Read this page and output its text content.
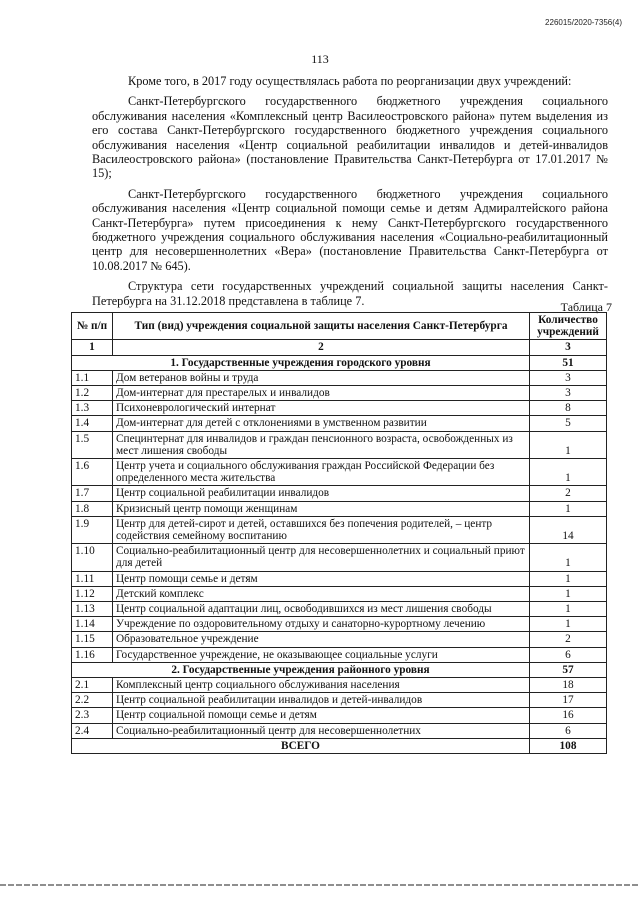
226015/2020-7356(4)
113

Кроме того, в 2017 году осуществлялась работа по реорганизации двух учреждений:

Санкт-Петербургского государственного бюджетного учреждения социального обслуживания населения «Комплексный центр Василеостровского района» путем выделения из его состава Санкт-Петербургского государственного бюджетного учреждения социального обслуживания населения «Центр социальной реабилитации инвалидов и детей-инвалидов Василеостровского района» (постановление Правительства Санкт-Петербурга от 17.01.2017 № 15);

Санкт-Петербургского государственного бюджетного учреждения социального обслуживания населения «Центр социальной помощи семье и детям Адмиралтейского района Санкт-Петербурга» путем присоединения к нему Санкт-Петербургского государственного бюджетного учреждения социального обслуживания населения «Социально-реабилитационный центр для несовершеннолетних «Вера» (постановление Правительства Санкт-Петербурга от 10.08.2017 № 645).

Структура сети государственных учреждений социальной защиты населения Санкт-Петербурга на 31.12.2018 представлена в таблице 7.	Таблица 7
№ п/п	Тип (вид) учреждения социальной защиты населения Санкт-Петербурга	Количество учреждений
1	2	3
1. Государственные учреждения городского уровня		51
1.1	Дом ветеранов войны и труда	3
1.2	Дом-интернат для престарелых и инвалидов	3
1.3	Психоневрологический интернат	8
1.4	Дом-интернат для детей с отклонениями в умственном развитии	5
1.5	Специнтернат для инвалидов и граждан пенсионного возраста, освобожденных из мест лишения свободы	1
1.6	Центр учета и социального обслуживания граждан Российской Федерации без определенного места жительства	1
1.7	Центр социальной реабилитации инвалидов	2
1.8	Кризисный центр помощи женщинам	1
1.9	Центр для детей-сирот и детей, оставшихся без попечения родителей, – центр содействия семейному воспитанию	14
1.10	Социально-реабилитационный центр для несовершеннолетних и социальный приют для детей	1
1.11	Центр помощи семье и детям	1
1.12	Детский комплекс	1
1.13	Центр социальной адаптации лиц, освободившихся из мест лишения свободы	1
1.14	Учреждение по оздоровительному отдыху и санаторно-курортному лечению	1
1.15	Образовательное учреждение	2
1.16	Государственное учреждение, не оказывающее социальные услуги	6
2. Государственные учреждения районного уровня		57
2.1	Комплексный центр социального обслуживания населения	18
2.2	Центр социальной реабилитации инвалидов и детей-инвалидов	17
2.3	Центр социальной помощи семье и детям	16
2.4	Социально-реабилитационный центр для несовершеннолетних	6
ВСЕГО		108
